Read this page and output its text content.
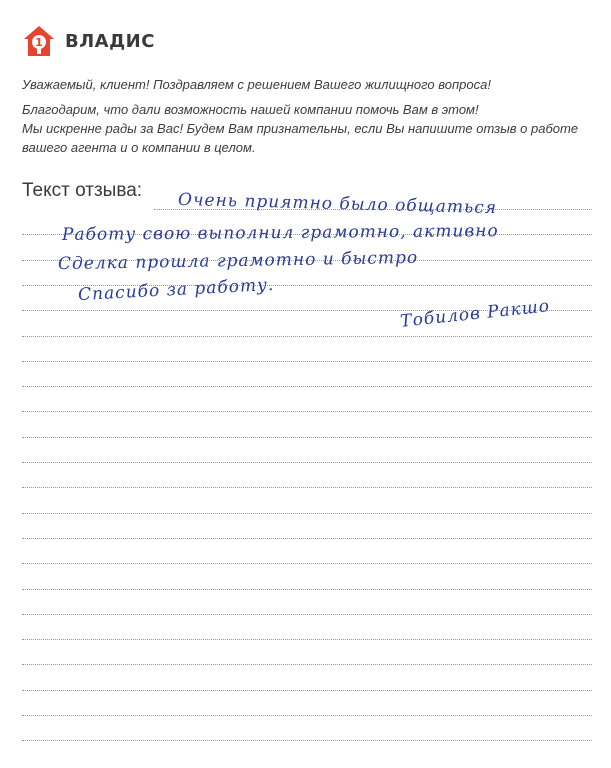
1 ВЛАДИС

Уважаемый, клиент! Поздравляем с решением Вашего жилищного вопроса!

Благодарим, что дали возможность нашей компании помочь Вам в этом!

Мы искренне рады за Вас! Будем Вам признательны, если Вы напишите отзыв о работе

вашего агента и о компании в целом.

Текст отзыва: Очень приятно было общаться
Работу свою выполнил грамотно, активно
Сделка прошла грамотно и быстро
Спасибо за работу.
Тобилов Ракшо
